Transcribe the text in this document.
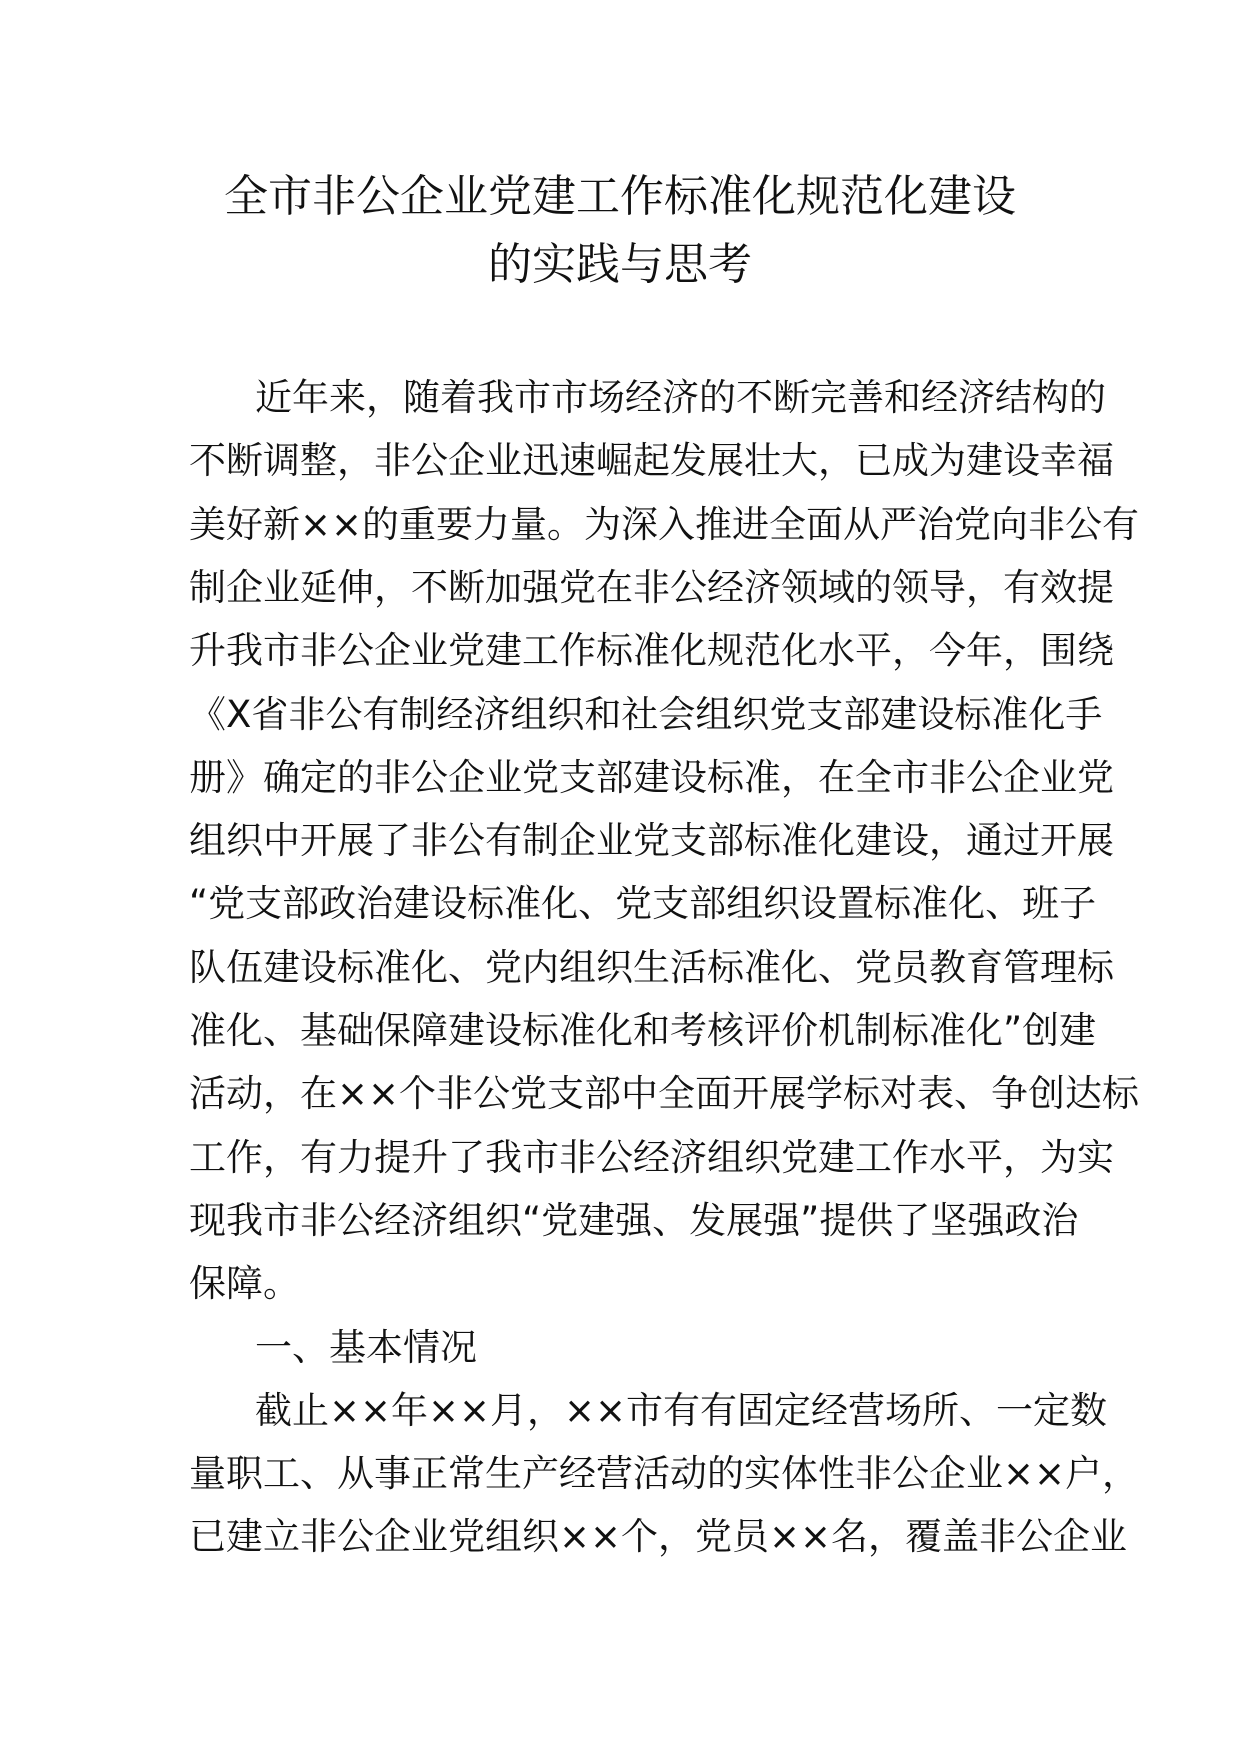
全市非公企业党建工作标准化规范化建设
的实践与思考
近年来，随着我市市场经济的不断完善和经济结构的
不断调整，非公企业迅速崛起发展壮大，已成为建设幸福
美好新××的重要力量。为深入推进全面从严治党向非公有
制企业延伸，不断加强党在非公经济领域的领导，有效提
升我市非公企业党建工作标准化规范化水平，今年，围绕
《X省非公有制经济组织和社会组织党支部建设标准化手
册》确定的非公企业党支部建设标准，在全市非公企业党
组织中开展了非公有制企业党支部标准化建设，通过开展
“党支部政治建设标准化、党支部组织设置标准化、班子
队伍建设标准化、党内组织生活标准化、党员教育管理标
准化、基础保障建设标准化和考核评价机制标准化”创建
活动，在××个非公党支部中全面开展学标对表、争创达标
工作，有力提升了我市非公经济组织党建工作水平，为实
现我市非公经济组织“党建强、发展强”提供了坚强政治
保障。
一、基本情况
截止××年××月，××市有有固定经营场所、一定数
量职工、从事正常生产经营活动的实体性非公企业××户，
已建立非公企业党组织××个，党员××名，覆盖非公企业
